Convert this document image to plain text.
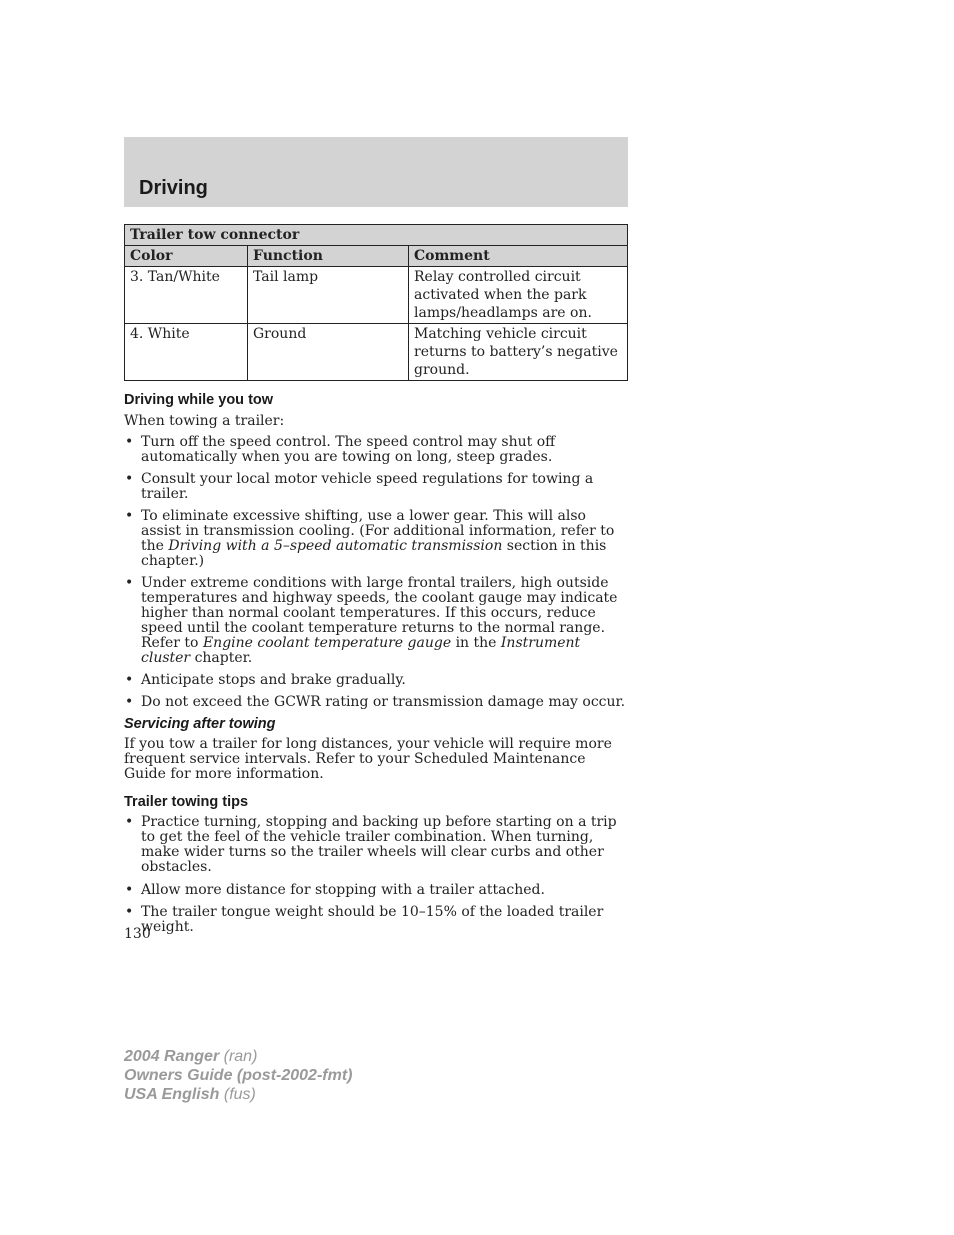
Driving
Trailer tow connector		
Color	Function	Comment
3. Tan/White	Tail lamp	Relay controlled circuit activated when the park lamps/headlamps are on.
4. White	Ground	Matching vehicle circuit returns to battery’s negative ground.
Driving while you tow

When towing a trailer:

• Turn off the speed control. The speed control may shut off automatically when you are towing on long, steep grades.
• Consult your local motor vehicle speed regulations for towing a trailer.
• To eliminate excessive shifting, use a lower gear. This will also assist in transmission cooling. (For additional information, refer to the Driving with a 5–speed automatic transmission section in this chapter.)
• Under extreme conditions with large frontal trailers, high outside temperatures and highway speeds, the coolant gauge may indicate higher than normal coolant temperatures. If this occurs, reduce speed until the coolant temperature returns to the normal range. Refer to Engine coolant temperature gauge in the Instrument cluster chapter.
• Anticipate stops and brake gradually.
• Do not exceed the GCWR rating or transmission damage may occur.
Servicing after towing

If you tow a trailer for long distances, your vehicle will require more frequent service intervals. Refer to your Scheduled Maintenance Guide for more information.

Trailer towing tips
• Practice turning, stopping and backing up before starting on a trip to get the feel of the vehicle trailer combination. When turning, make wider turns so the trailer wheels will clear curbs and other obstacles.
• Allow more distance for stopping with a trailer attached.
• The trailer tongue weight should be 10–15% of the loaded trailer weight.
130
2004 Ranger (ran)
Owners Guide (post-2002-fmt)
USA English (fus)
